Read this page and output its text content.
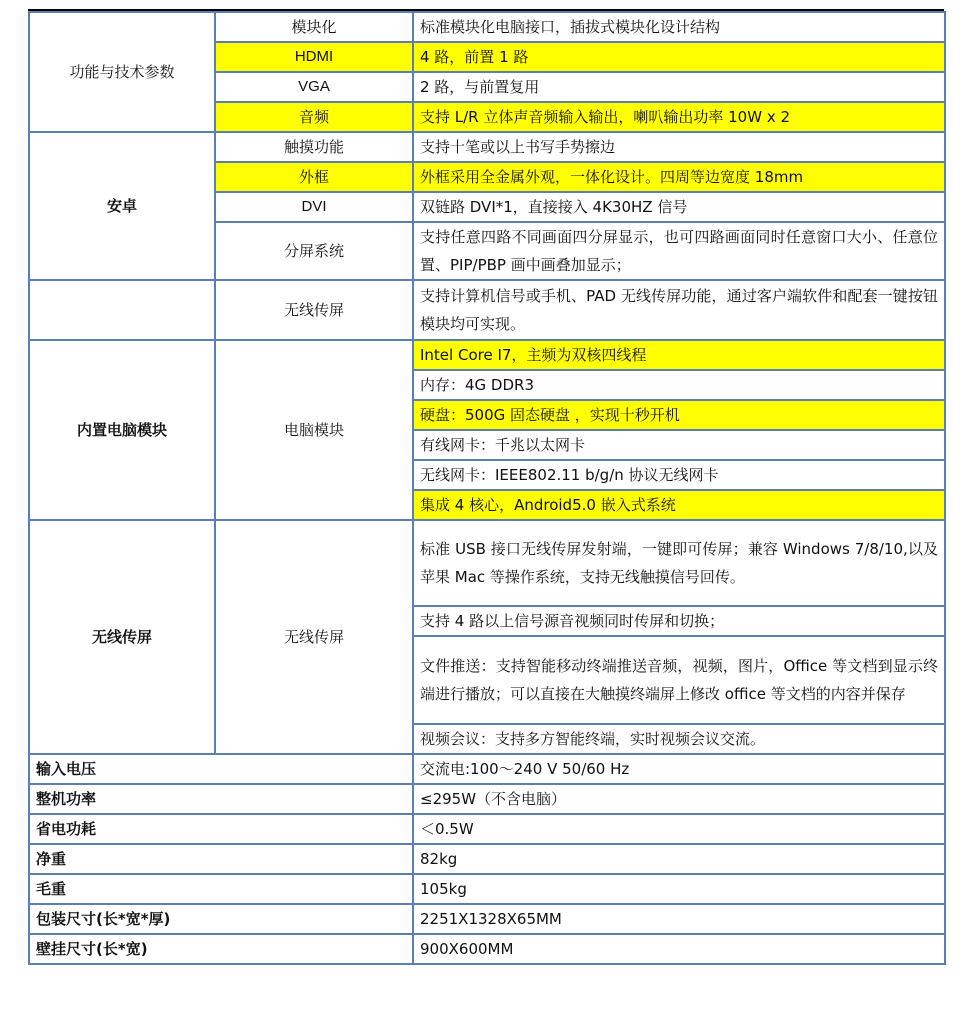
功能与技术参数	模块化	标准模块化电脑接口，插拔式模块化设计结构
	HDMI	4 路，前置 1 路
	VGA	2 路，与前置复用
	音频	支持 L/R 立体声音频输入输出，喇叭输出功率 10W x 2
安卓	触摸功能	支持十笔或以上书写手势擦边
	外框	外框采用全金属外观，一体化设计。四周等边宽度 18mm
	DVI	双链路 DVI*1，直接接入 4K30HZ 信号
	分屏系统	支持任意四路不同画面四分屏显示，也可四路画面同时任意窗口大小、任意位置、PIP/PBP 画中画叠加显示；
	无线传屏	支持计算机信号或手机、PAD 无线传屏功能，通过客户端软件和配套一键按钮模块均可实现。
内置电脑模块	电脑模块	Intel Core I7，主频为双核四线程
		内存：4G DDR3
		硬盘：500G 固态硬盘 ，实现十秒开机
		有线网卡：千兆以太网卡
		无线网卡：IEEE802.11 b/g/n 协议无线网卡
		集成 4 核心，Android5.0 嵌入式系统
无线传屏	无线传屏	标准 USB 接口无线传屏发射端，一键即可传屏；兼容 Windows 7/8/10,以及苹果 Mac 等操作系统，支持无线触摸信号回传。
		支持 4 路以上信号源音视频同时传屏和切换；
		文件推送：支持智能移动终端推送音频，视频，图片，Office 等文档到显示终端进行播放；可以直接在大触摸终端屏上修改 office 等文档的内容并保存
		视频会议：支持多方智能终端，实时视频会议交流。
输入电压		交流电:100～240 V 50/60 Hz
整机功率		≤295W（不含电脑）
省电功耗		＜0.5W
净重		82kg
毛重		105kg
包装尺寸(长*宽*厚)		2251X1328X65MM
壁挂尺寸(长*宽)		900X600MM
